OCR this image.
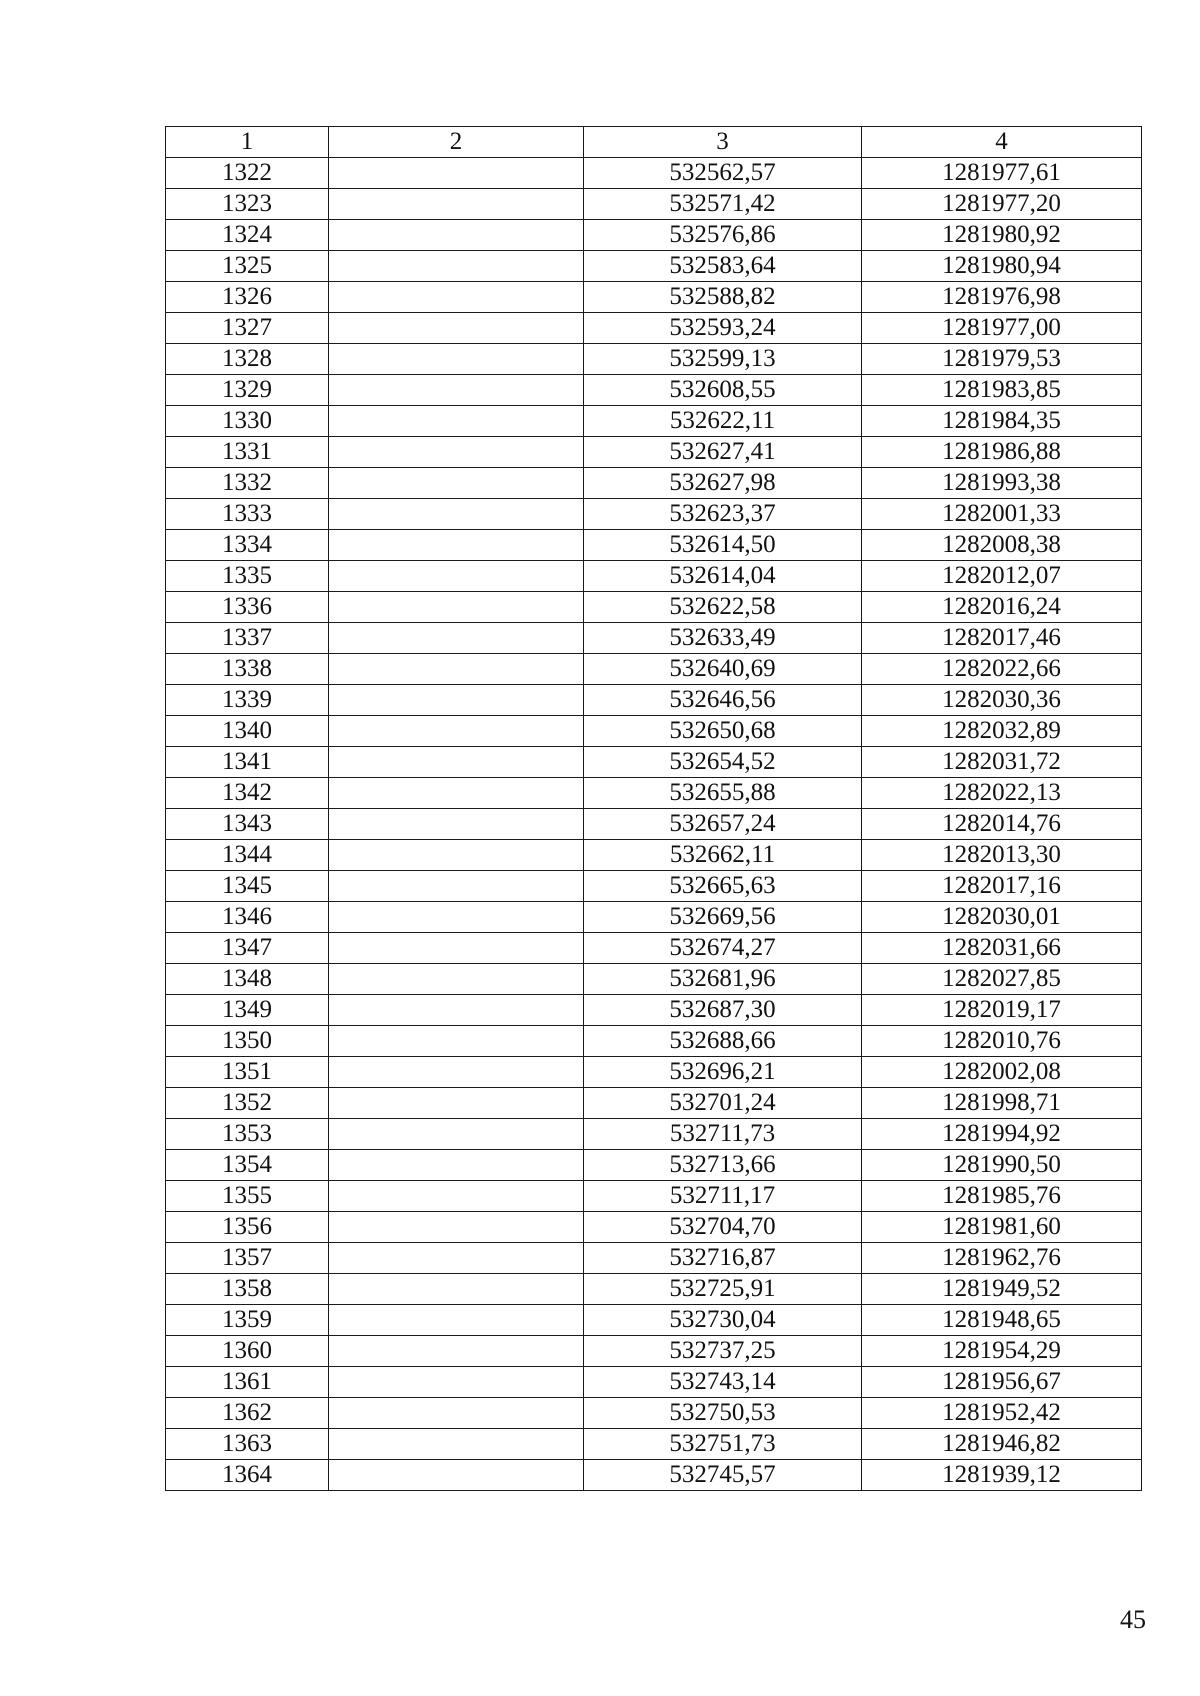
1	2	3	4
1322		532562,57	1281977,61
1323		532571,42	1281977,20
1324		532576,86	1281980,92
1325		532583,64	1281980,94
1326		532588,82	1281976,98
1327		532593,24	1281977,00
1328		532599,13	1281979,53
1329		532608,55	1281983,85
1330		532622,11	1281984,35
1331		532627,41	1281986,88
1332		532627,98	1281993,38
1333		532623,37	1282001,33
1334		532614,50	1282008,38
1335		532614,04	1282012,07
1336		532622,58	1282016,24
1337		532633,49	1282017,46
1338		532640,69	1282022,66
1339		532646,56	1282030,36
1340		532650,68	1282032,89
1341		532654,52	1282031,72
1342		532655,88	1282022,13
1343		532657,24	1282014,76
1344		532662,11	1282013,30
1345		532665,63	1282017,16
1346		532669,56	1282030,01
1347		532674,27	1282031,66
1348		532681,96	1282027,85
1349		532687,30	1282019,17
1350		532688,66	1282010,76
1351		532696,21	1282002,08
1352		532701,24	1281998,71
1353		532711,73	1281994,92
1354		532713,66	1281990,50
1355		532711,17	1281985,76
1356		532704,70	1281981,60
1357		532716,87	1281962,76
1358		532725,91	1281949,52
1359		532730,04	1281948,65
1360		532737,25	1281954,29
1361		532743,14	1281956,67
1362		532750,53	1281952,42
1363		532751,73	1281946,82
1364		532745,57	1281939,12
45
